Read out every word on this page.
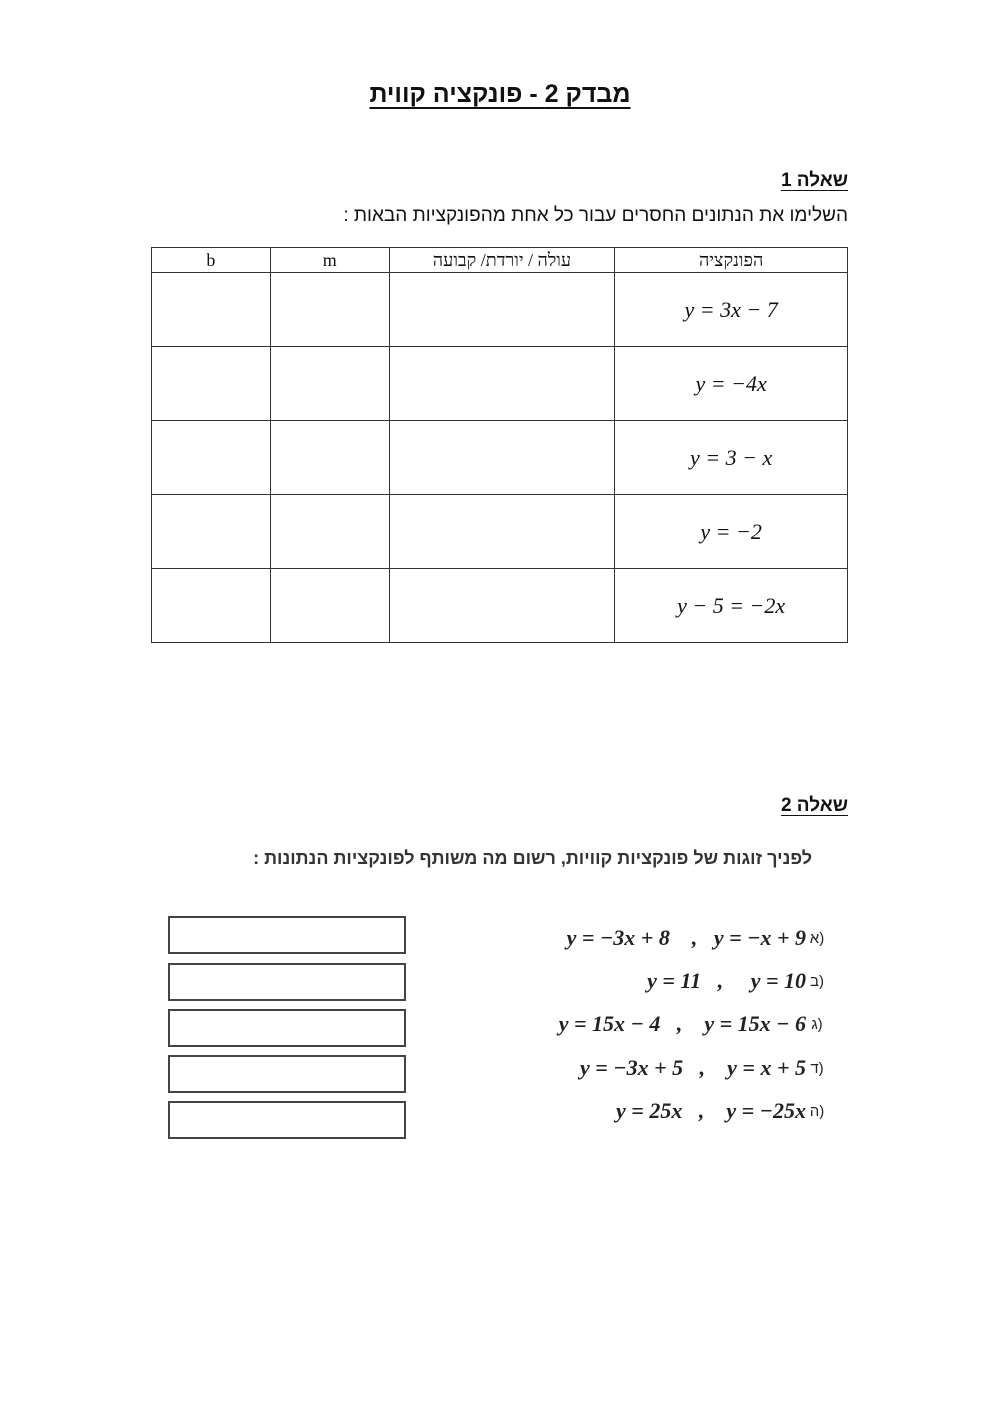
מבדק 2 - פונקציה קווית
שאלה 1
השלימו את הנתונים החסרים עבור כל אחת מהפונקציות הבאות :
b	m	עולה / יורדת/ קבועה	הפונקציה
			y = 3x − 7
			y = −4x
			y = 3 − x
			y = −2
			y − 5 = −2x
שאלה 2
לפניך זוגות של פונקציות קוויות, רשום מה משותף לפונקציות הנתונות :
א)
y = −x + 9
,
y = −3x + 8
ב)
y = 10
,
y = 11
ג)
y = 15x − 6
,
y = 15x − 4
ד)
y = x + 5
,
y = −3x + 5
ה)
y = −25x
,
y = 25x
